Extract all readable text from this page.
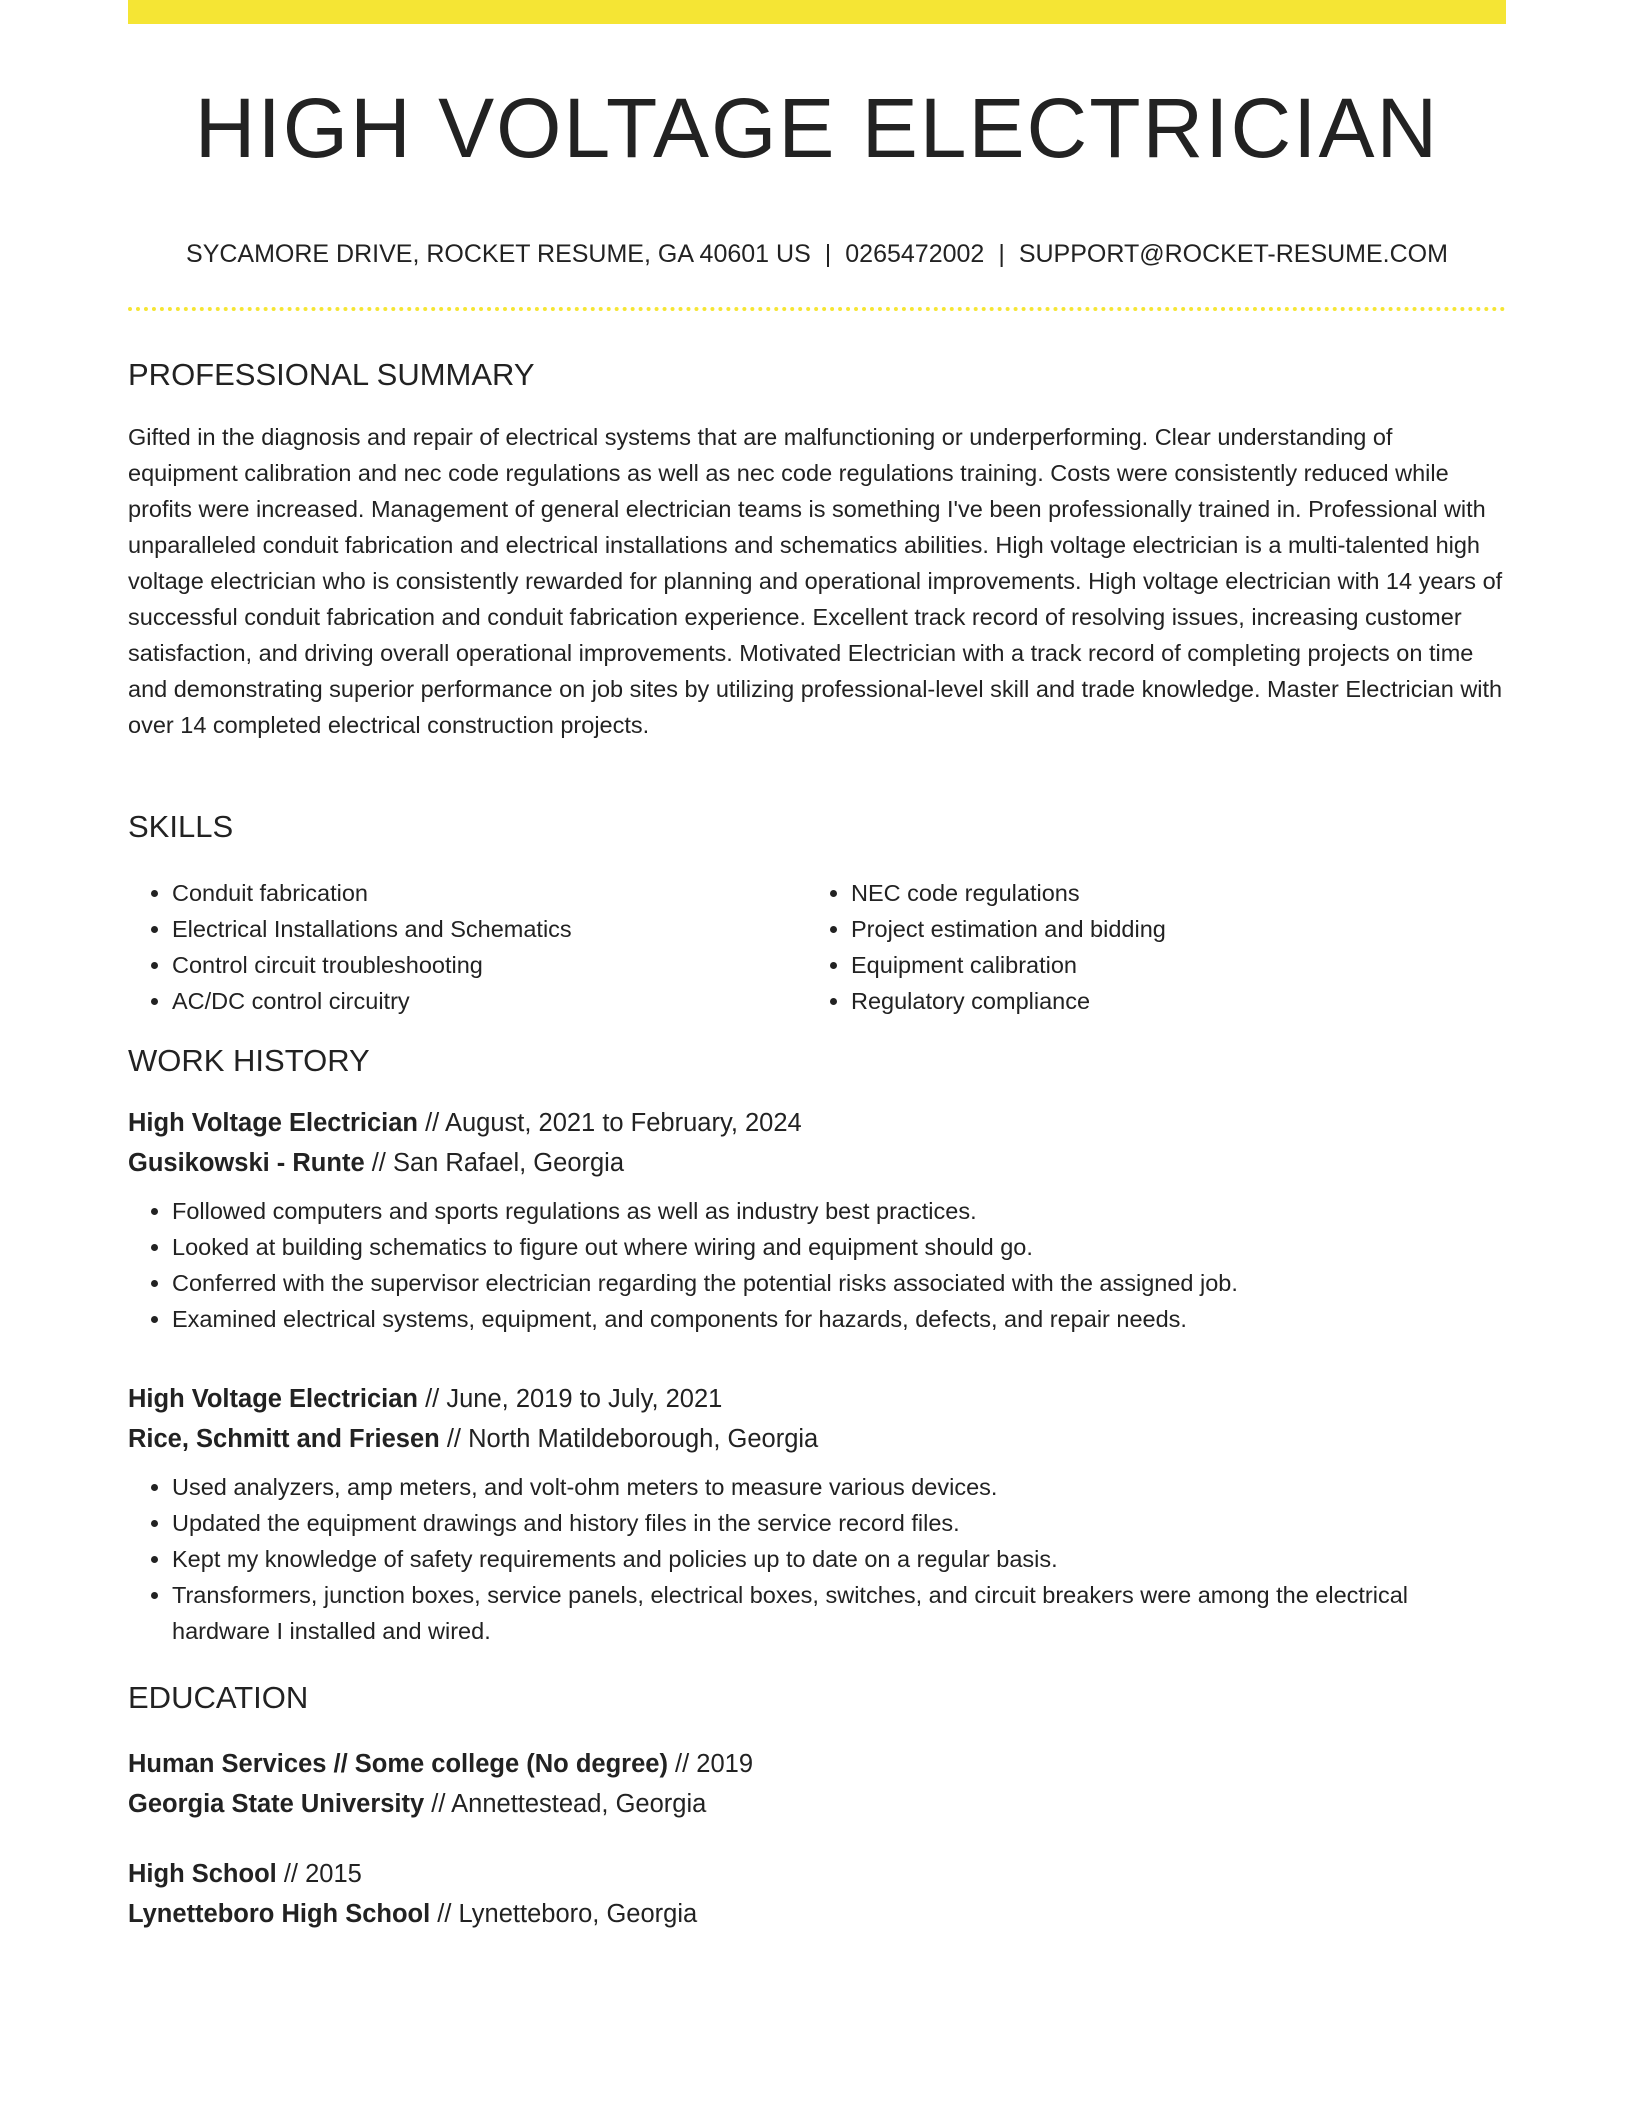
HIGH VOLTAGE ELECTRICIAN
SYCAMORE DRIVE, ROCKET RESUME, GA 40601 US | 0265472002 | SUPPORT@ROCKET-RESUME.COM
PROFESSIONAL SUMMARY

Gifted in the diagnosis and repair of electrical systems that are malfunctioning or underperforming. Clear understanding of equipment calibration and nec code regulations as well as nec code regulations training. Costs were consistently reduced while profits were increased. Management of general electrician teams is something I've been professionally trained in. Professional with unparalleled conduit fabrication and electrical installations and schematics abilities. High voltage electrician is a multi-talented high voltage electrician who is consistently rewarded for planning and operational improvements. High voltage electrician with 14 years of successful conduit fabrication and conduit fabrication experience. Excellent track record of resolving issues, increasing customer satisfaction, and driving overall operational improvements. Motivated Electrician with a track record of completing projects on time and demonstrating superior performance on job sites by utilizing professional-level skill and trade knowledge. Master Electrician with over 14 completed electrical construction projects.

SKILLS
• Conduit fabrication
• Electrical Installations and Schematics
• Control circuit troubleshooting
• AC/DC control circuitry
• NEC code regulations
• Project estimation and bidding
• Equipment calibration
• Regulatory compliance
WORK HISTORY

High Voltage Electrician // August, 2021 to February, 2024

Gusikowski - Runte // San Rafael, Georgia

• Followed computers and sports regulations as well as industry best practices.
• Looked at building schematics to figure out where wiring and equipment should go.
• Conferred with the supervisor electrician regarding the potential risks associated with the assigned job.
• Examined electrical systems, equipment, and components for hazards, defects, and repair needs.

High Voltage Electrician // June, 2019 to July, 2021

Rice, Schmitt and Friesen // North Matildeborough, Georgia

• Used analyzers, amp meters, and volt-ohm meters to measure various devices.
• Updated the equipment drawings and history files in the service record files.
• Kept my knowledge of safety requirements and policies up to date on a regular basis.
• Transformers, junction boxes, service panels, electrical boxes, switches, and circuit breakers were among the electrical hardware I installed and wired.
EDUCATION

Human Services // Some college (No degree) // 2019

Georgia State University // Annettestead, Georgia

High School // 2015

Lynetteboro High School // Lynetteboro, Georgia
